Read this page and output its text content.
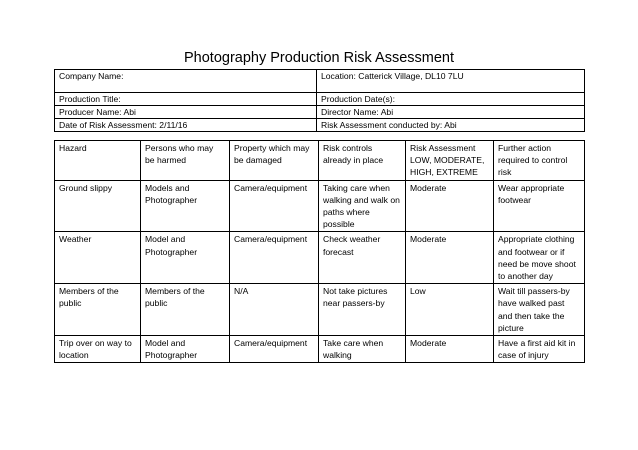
Photography Production Risk Assessment
Company Name:	Location: Catterick Village, DL10 7LU
Production Title:	Production Date(s):
Producer Name: Abi	Director Name: Abi
Date of Risk Assessment: 2/11/16	Risk Assessment conducted by: Abi
Hazard	Persons who may be harmed	Property which may be damaged	Risk controls already in place	Risk Assessment LOW, MODERATE, HIGH, EXTREME	Further action required to control risk
Ground slippy	Models and Photographer	Camera/equipment	Taking care when walking and walk on paths where possible	Moderate	Wear appropriate footwear
Weather	Model and Photographer	Camera/equipment	Check weather forecast	Moderate	Appropriate clothing and footwear or if need be move shoot to another day
Members of the public	Members of the public	N/A	Not take pictures near passers-by	Low	Wait till passers-by have walked past and then take the picture
Trip over on way to location	Model and Photographer	Camera/equipment	Take care when walking	Moderate	Have a first aid kit in case of injury
